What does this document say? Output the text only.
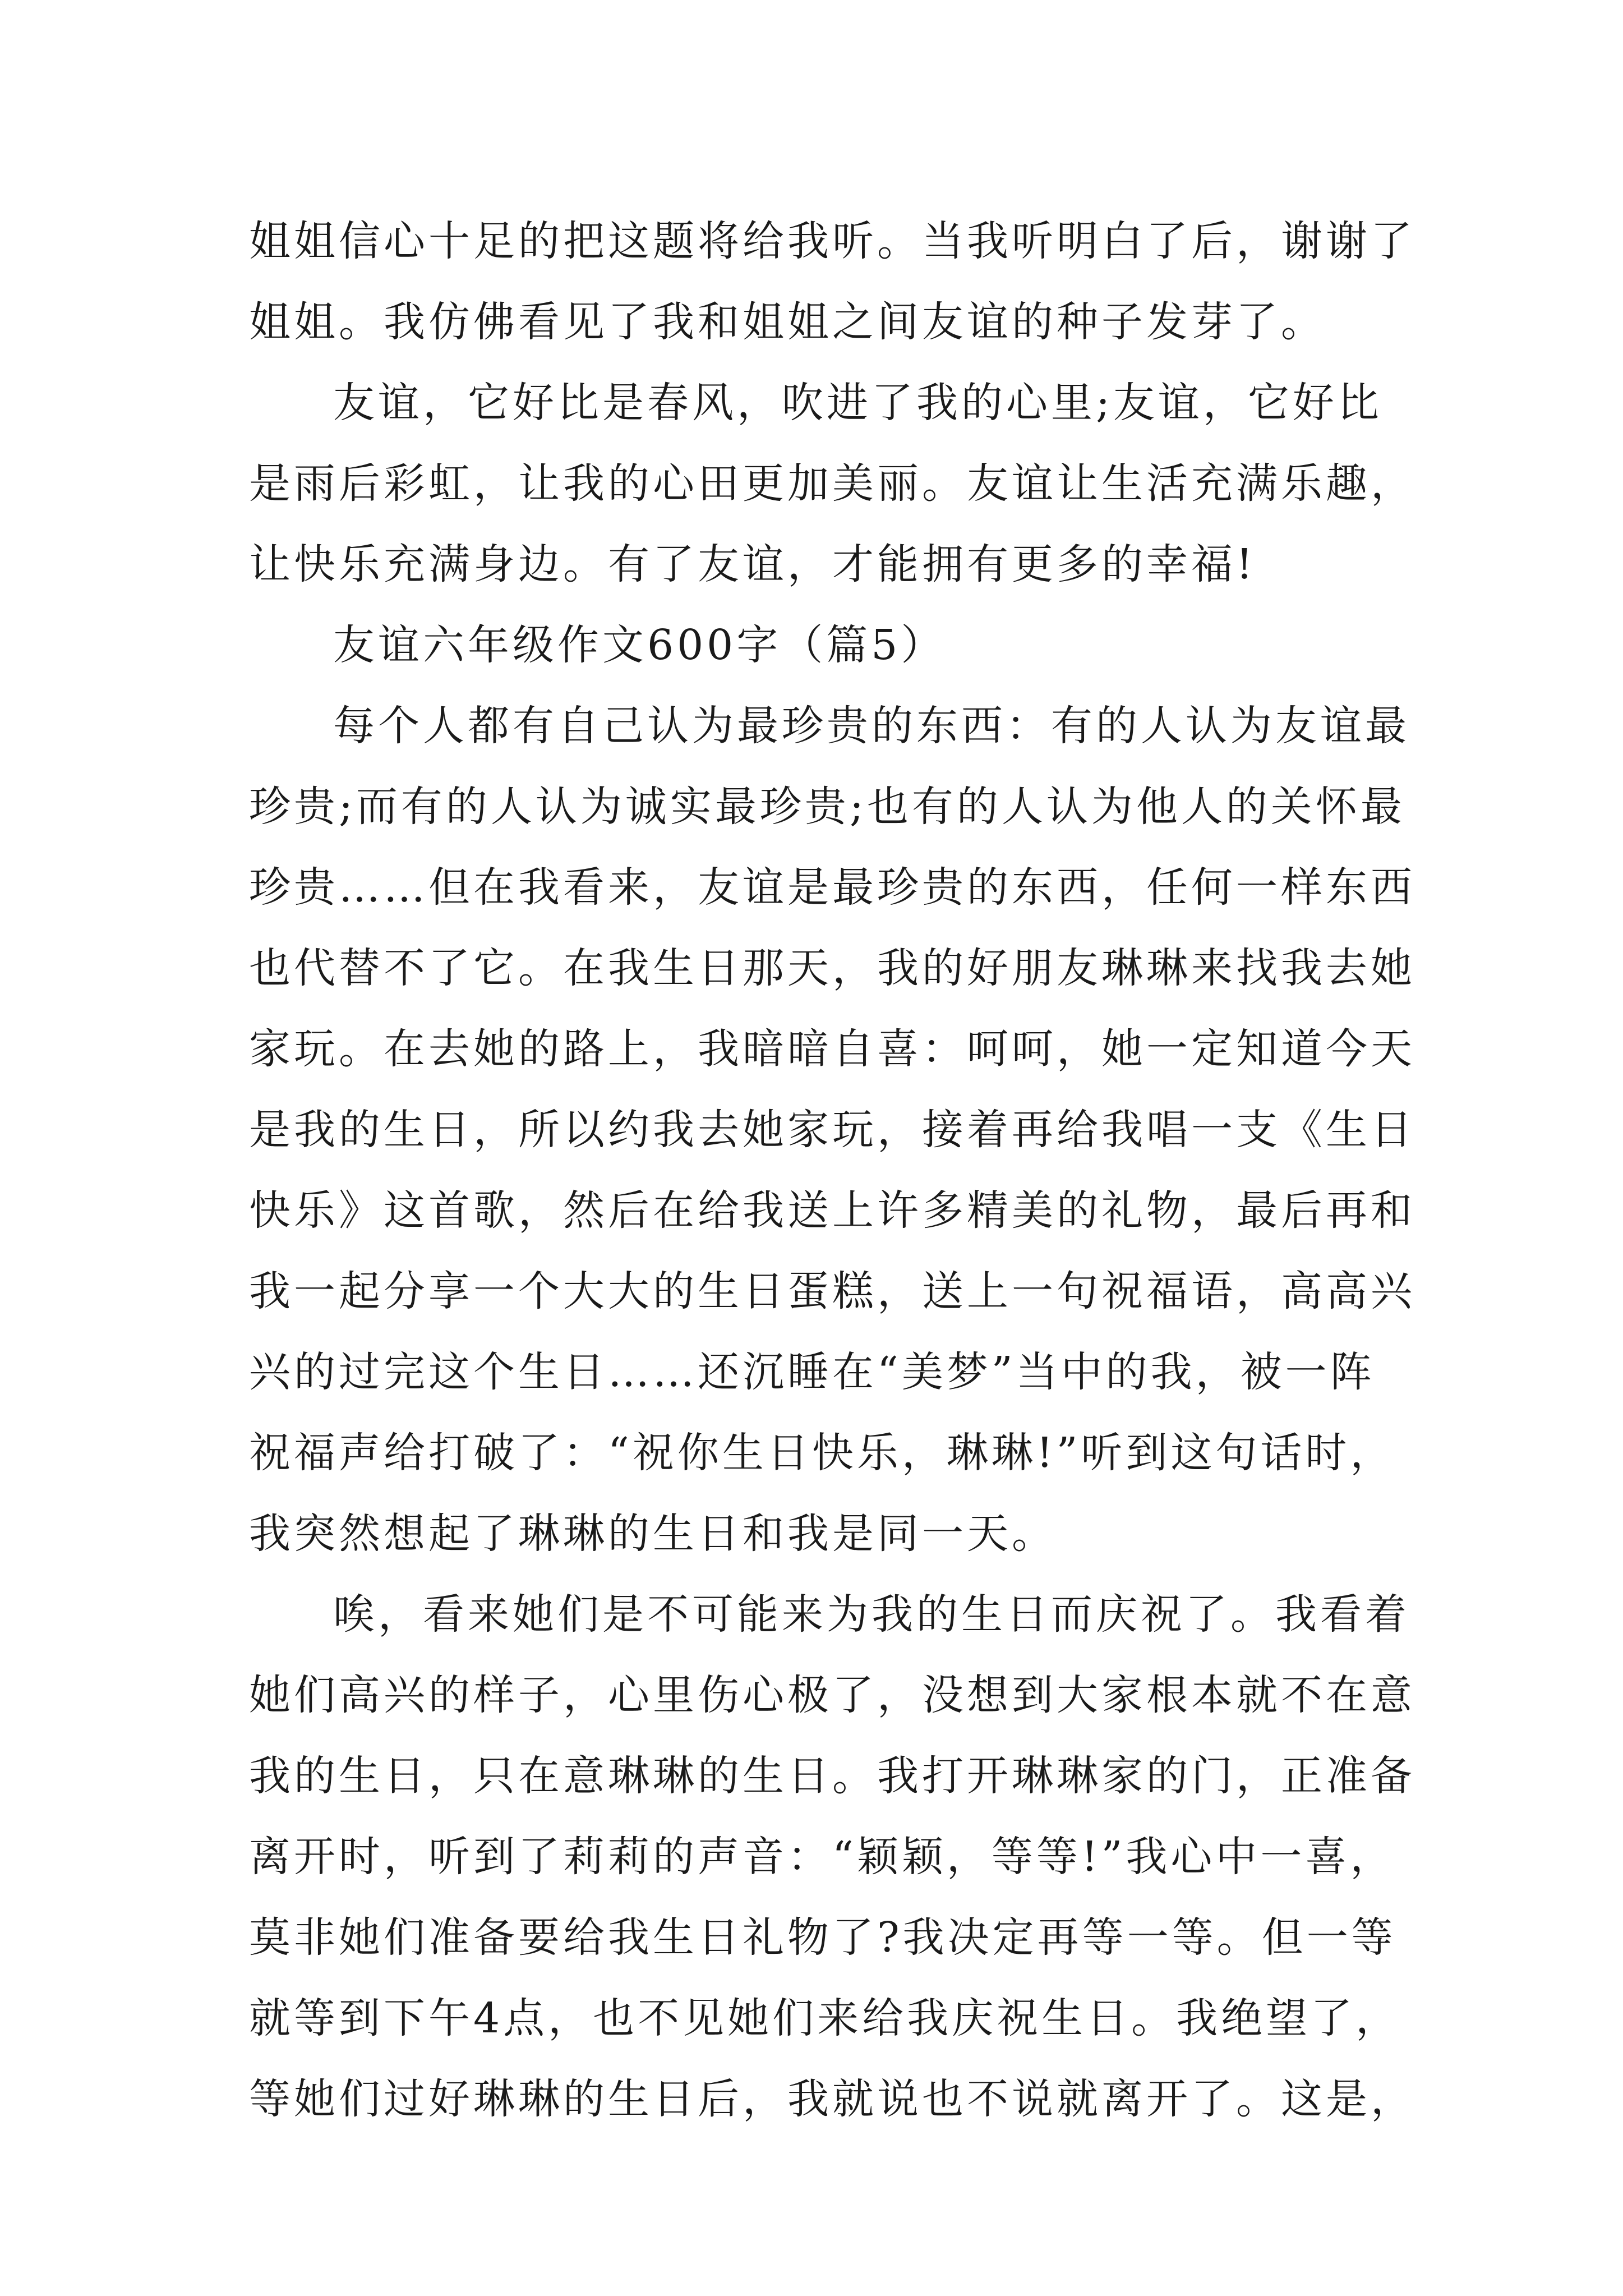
姐姐信心十足的把这题将给我听。当我听明白了后，谢谢了
姐姐。我仿佛看见了我和姐姐之间友谊的种子发芽了。
友谊，它好比是春风，吹进了我的心里;友谊，它好比
是雨后彩虹，让我的心田更加美丽。友谊让生活充满乐趣，
让快乐充满身边。有了友谊，才能拥有更多的幸福!
友谊六年级作文600字（篇5）
每个人都有自己认为最珍贵的东西：有的人认为友谊最
珍贵;而有的人认为诚实最珍贵;也有的人认为他人的关怀最
珍贵……但在我看来，友谊是最珍贵的东西，任何一样东西
也代替不了它。在我生日那天，我的好朋友琳琳来找我去她
家玩。在去她的路上，我暗暗自喜：呵呵，她一定知道今天
是我的生日，所以约我去她家玩，接着再给我唱一支《生日
快乐》这首歌，然后在给我送上许多精美的礼物，最后再和
我一起分享一个大大的生日蛋糕，送上一句祝福语，高高兴
兴的过完这个生日……还沉睡在“美梦”当中的我，被一阵
祝福声给打破了：“祝你生日快乐，琳琳!”听到这句话时，
我突然想起了琳琳的生日和我是同一天。
唉，看来她们是不可能来为我的生日而庆祝了。我看着
她们高兴的样子，心里伤心极了，没想到大家根本就不在意
我的生日，只在意琳琳的生日。我打开琳琳家的门，正准备
离开时，听到了莉莉的声音：“颖颖，等等!”我心中一喜，
莫非她们准备要给我生日礼物了?我决定再等一等。但一等
就等到下午4点，也不见她们来给我庆祝生日。我绝望了，
等她们过好琳琳的生日后，我就说也不说就离开了。这是，
